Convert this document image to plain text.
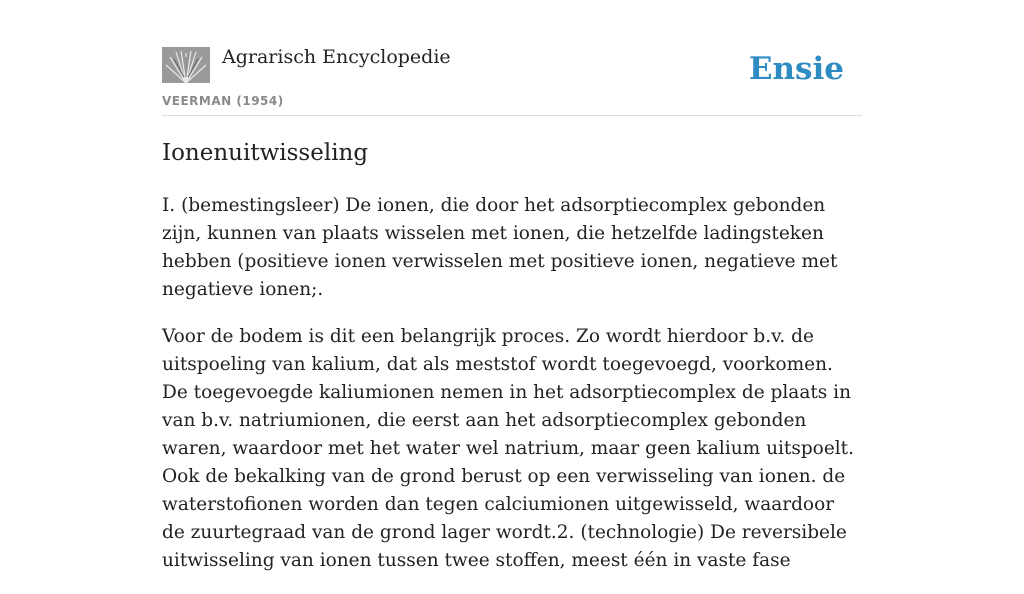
Agrarisch Encyclopedie
VEERMAN (1954)
Ensie
Ionenuitwisseling

I. (bemestingsleer) De ionen, die door het adsorptiecomplex gebonden zijn, kunnen van plaats wisselen met ionen, die hetzelfde ladingsteken hebben (positieve ionen verwisselen met positieve ionen, negatieve met negatieve ionen;.

Voor de bodem is dit een belangrijk proces. Zo wordt hierdoor b.v. de uitspoeling van kalium, dat als meststof wordt toegevoegd, voorkomen. De toegevoegde kaliumionen nemen in het adsorptiecomplex de plaats in van b.v. natriumionen, die eerst aan het adsorptiecomplex gebonden waren, waardoor met het water wel natrium, maar geen kalium uitspoelt. Ook de bekalking van de grond berust op een verwisseling van ionen. de waterstofionen worden dan tegen calciumionen uitgewisseld, waardoor de zuurtegraad van de grond lager wordt.2. (technologie) De reversibele uitwisseling van ionen tussen twee stoffen, meest één in vaste fase
